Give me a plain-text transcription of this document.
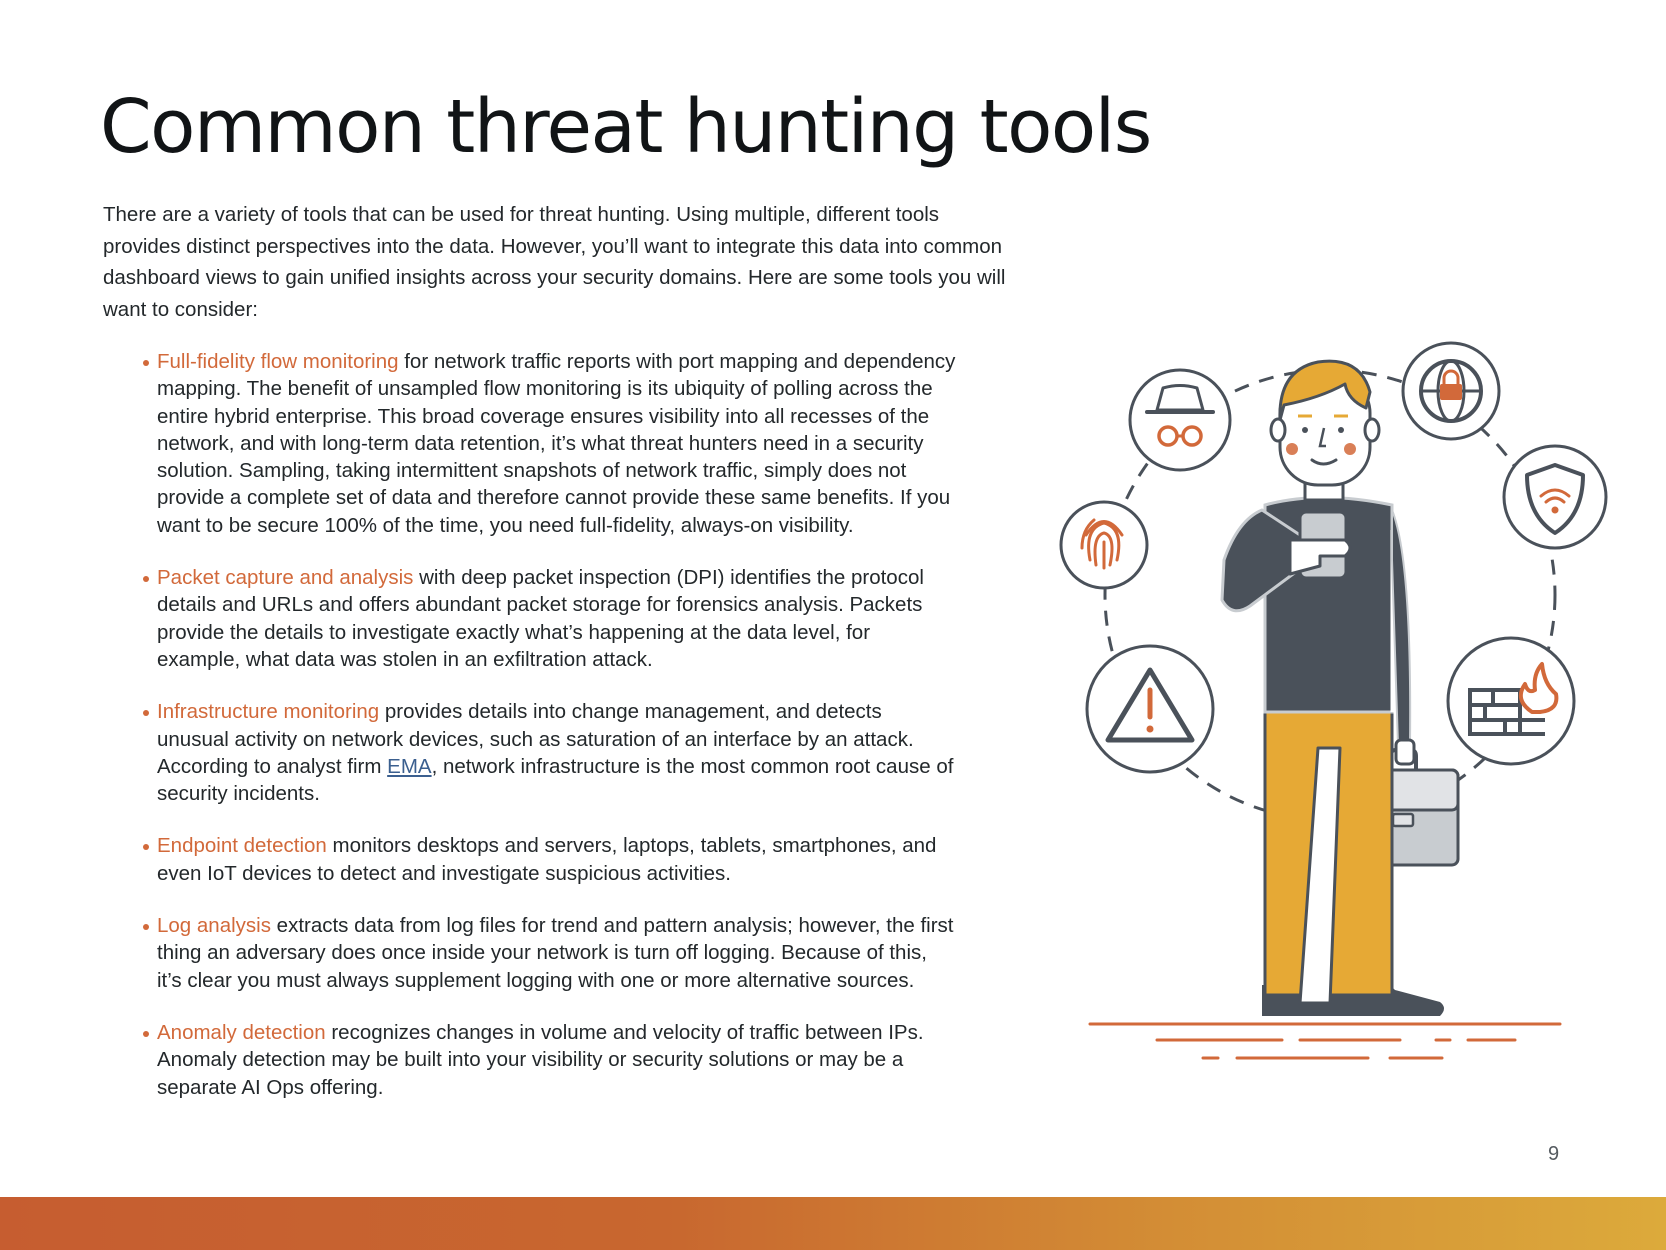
Common threat hunting tools

There are a variety of tools that can be used for threat hunting. Using multiple, different tools provides distinct perspectives into the data. However, you’ll want to integrate this data into common dashboard views to gain unified insights across your security domains. Here are some tools you will want to consider:

Full-fidelity flow monitoring for network traffic reports with port mapping and dependency mapping. The benefit of unsampled flow monitoring is its ubiquity of polling across the entire hybrid enterprise. This broad coverage ensures visibility into all recesses of the network, and with long-term data retention, it’s what threat hunters need in a security solution. Sampling, taking intermittent snapshots of network traffic, simply does not provide a complete set of data and therefore cannot provide these same benefits. If you want to be secure 100% of the time, you need full-fidelity, always-on visibility.
Packet capture and analysis with deep packet inspection (DPI) identifies the protocol details and URLs and offers abundant packet storage for forensics analysis. Packets provide the details to investigate exactly what’s happening at the data level, for example, what data was stolen in an exfiltration attack.
Infrastructure monitoring provides details into change management, and detects unusual activity on network devices, such as saturation of an interface by an attack. According to analyst firm EMA, network infrastructure is the most common root cause of security incidents.
Endpoint detection monitors desktops and servers, laptops, tablets, smartphones, and even IoT devices to detect and investigate suspicious activities.
Log analysis extracts data from log files for trend and pattern analysis; however, the first thing an adversary does once inside your network is turn off logging. Because of this, it’s clear you must always supplement logging with one or more alternative sources.
Anomaly detection recognizes changes in volume and velocity of traffic between IPs. Anomaly detection may be built into your visibility or security solutions or may be a separate AI Ops offering.
9
